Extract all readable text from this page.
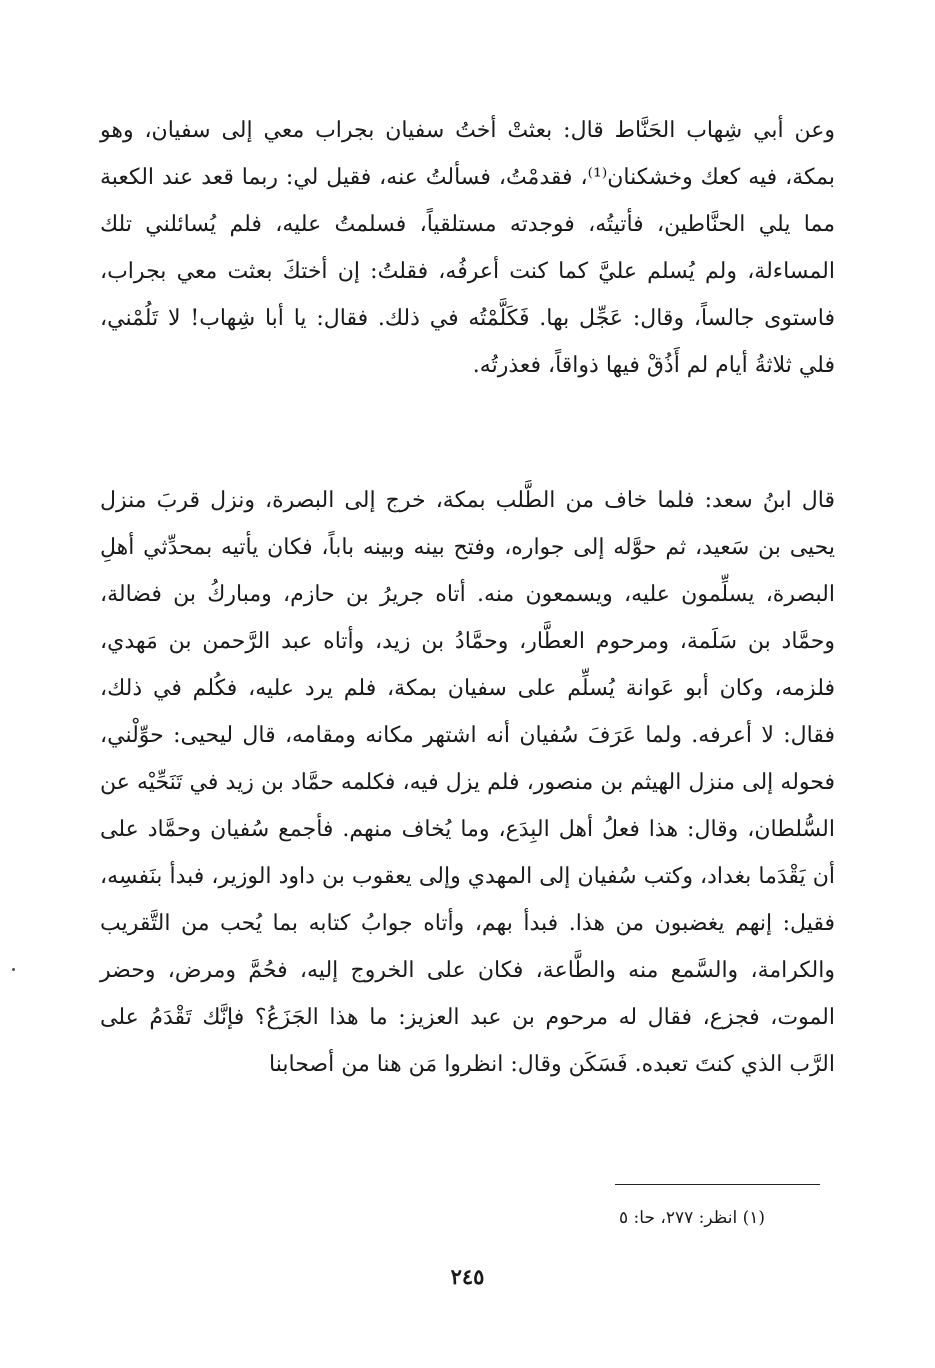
وعن أبي شِهاب الحَنَّاط قال: بعثتْ أختُ سفيان بجراب معي إلى سفيان، وهو بمكة، فيه كعك وخشكنان⁽¹⁾، فقدمْتُ، فسألتُ عنه، فقيل لي: ربما قعد عند الكعبة مما يلي الحنَّاطين، فأتيتُه، فوجدته مستلقياً، فسلمتُ عليه، فلم يُسائلني تلك المساءلة، ولم يُسلم عليَّ كما كنت أعرفُه، فقلتُ: إن أختكَ بعثت معي بجراب، فاستوى جالساً، وقال: عَجِّل بها. فَكَلَّمْتُه في ذلك. فقال: يا أبا شِهاب! لا تَلُمْني، فلي ثلاثةُ أيام لم أَذُقْ فيها ذواقاً، فعذرتُه.

قال ابنُ سعد: فلما خاف من الطَّلب بمكة، خرج إلى البصرة، ونزل قربَ منزل يحيى بن سَعيد، ثم حوَّله إلى جواره، وفتح بينه وبينه باباً، فكان يأتيه بمحدِّثي أهلِ البصرة، يسلِّمون عليه، ويسمعون منه. أتاه جريرُ بن حازم، ومباركُ بن فضالة، وحمَّاد بن سَلَمة، ومرحوم العطَّار، وحمَّادُ بن زيد، وأتاه عبد الرَّحمن بن مَهدي، فلزمه، وكان أبو عَوانة يُسلِّم على سفيان بمكة، فلم يرد عليه، فكُلم في ذلك، فقال: لا أعرفه. ولما عَرَفَ سُفيان أنه اشتهر مكانه ومقامه، قال ليحيى: حوِّلْني، فحوله إلى منزل الهيثم بن منصور، فلم يزل فيه، فكلمه حمَّاد بن زيد في تَنَحِّيْه عن السُّلطان، وقال: هذا فعلُ أهل البِدَع، وما يُخاف منهم. فأجمع سُفيان وحمَّاد على أن يَقْدَما بغداد، وكتب سُفيان إلى المهدي وإلى يعقوب بن داود الوزير، فبدأ بنَفسِه، فقيل: إنهم يغضبون من هذا. فبدأ بهم، وأتاه جوابُ كتابه بما يُحب من التَّقريب والكرامة، والسَّمع منه والطَّاعة، فكان على الخروج إليه، فحُمَّ ومرض، وحضر الموت، فجزع، فقال له مرحوم بن عبد العزيز: ما هذا الجَزَعُ؟ فإنَّك تَقْدَمُ على الرَّب الذي كنتَ تعبده. فَسَكَن وقال: انظروا مَن هنا من أصحابنا

(١) انظر: ٢٧٧، حا: ٥
٢٤٥
